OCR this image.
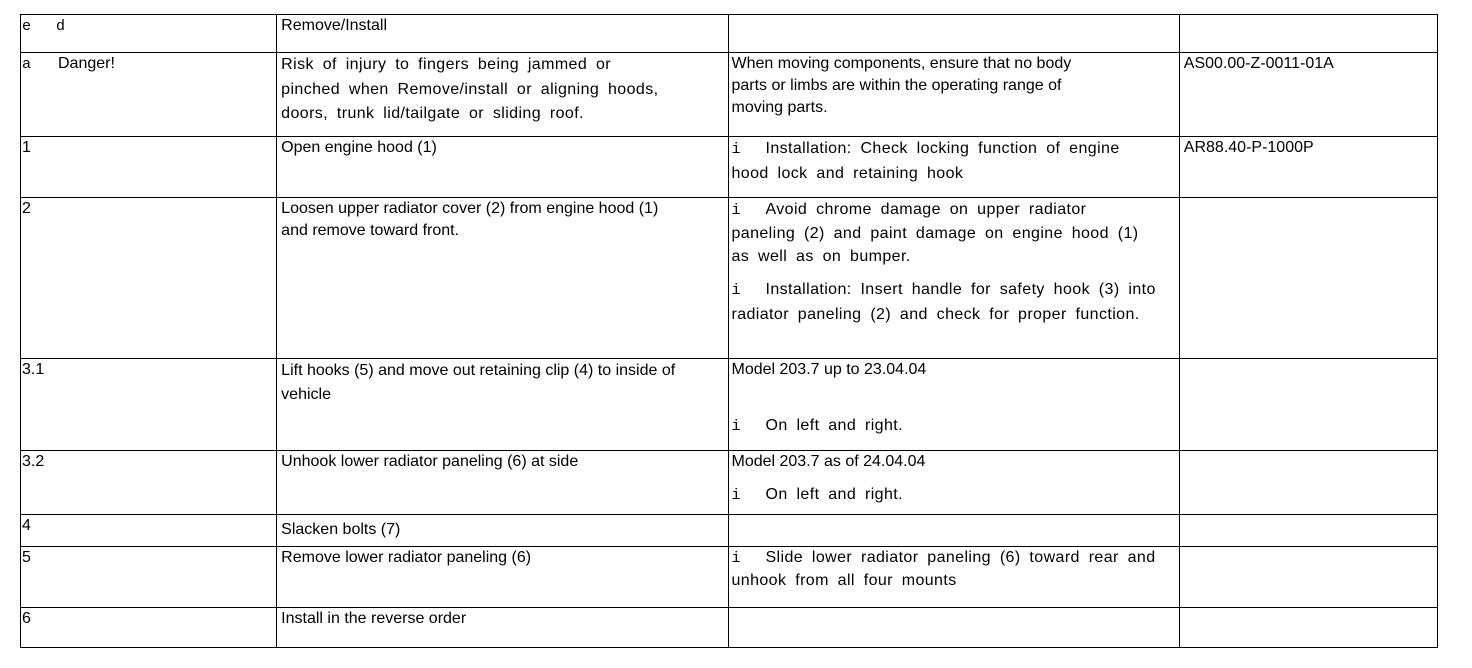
e d	Remove/Install		
a Danger!	Risk of injury to fingers being jammed or pinched when Remove/install or aligning hoods, doors, trunk lid/tailgate or sliding roof.	When moving components, ensure that no body parts or limbs are within the operating range of moving parts.	AS00.00-Z-0011-01A
1	Open engine hood (1)	i Installation: Check locking function of engine hood lock and retaining hook	AR88.40-P-1000P
2	Loosen upper radiator cover (2) from engine hood (1) and remove toward front.	i Avoid chrome damage on upper radiator paneling (2) and paint damage on engine hood (1) as well as on bumper.
i Installation: Insert handle for safety hook (3) into radiator paneling (2) and check for proper function.	

3.1	Lift hooks (5) and move out retaining clip (4) to inside of vehicle	Model 203.7 up to 23.04.04
i On left and right.	

3.2	Unhook lower radiator paneling (6) at side	Model 203.7 as of 24.04.04
i On left and right.	

4	Slacken bolts (7)		
5	Remove lower radiator paneling (6)	i Slide lower radiator paneling (6) toward rear and unhook from all four mounts	

6	Install in the reverse order		
